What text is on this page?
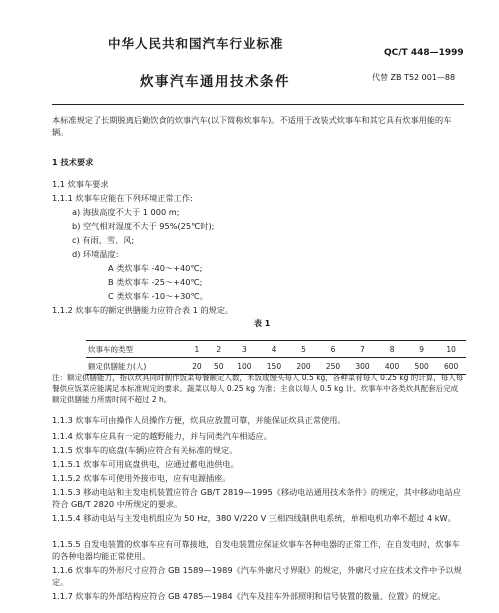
中华人民共和国汽车行业标准
QC/T 448—1999
炊事汽车通用技术条件	代替 ZB T52 001—88
本标准规定了长期脱离后勤饮食的炊事汽车(以下简称炊事车)。不适用于改装式炊事车和其它具有炊事用能的车辆。
1 技术要求
1.1 炊事车要求
1.1.1 炊事车应能在下列环境正常工作:
a) 海拔高度不大于 1 000 m;
b) 空气相对湿度不大于 95%(25℃时);
c) 有雨、雪、风;
d) 环境温度:
A 类炊事车 -40～+40℃;
B 类炊事车 -25～+40℃;
C 类炊事车 -10～+30℃。
1.1.2 炊事车的额定供膳能力应符合表 1 的规定。
表 1
炊事车的类型	1	2	3	4	5	6	7	8	9	10
额定供膳能力(人)	20	50	100	150	200	250	300	400	500	600
注：额定供膳能力，指以炊具同时制作饭菜每餐额定人数，米饭或馒头每人 0.5 kg，各种菜肴每人 0.25 kg 的计算，每人每餐供应饭菜应能满足本标准规定的要求。蔬菜以每人 0.25 kg 为准；主食以每人 0.5 kg 计。炊事车中各类炊具配套后完成额定供膳能力所需时间不超过 2 h。
1.1.3 炊事车可由操作人员操作方便，炊具应放置可靠，并能保证炊具正常使用。
1.1.4 炊事车应具有一定的越野能力，并与同类汽车相适应。
1.1.5 炊事车的底盘(车辆)应符合有关标准的规定。
1.1.5.1 炊事车可用底盘供电，应通过蓄电池供电。
1.1.5.2 炊事车可使用外接市电，应有电源插座。
1.1.5.3 移动电站和主发电机装置应符合 GB/T 2819—1995《移动电站通用技术条件》的规定，其中移动电站应符合 GB/T 2820 中所规定的要求。
1.1.5.4 移动电站与主发电机组应为 50 Hz，380 V/220 V 三相四线制供电系统，单相电机功率不超过 4 kW。
1.1.5.5 自发电装置的炊事车应有可靠接地，自发电装置应保证炊事车各种电器的正常工作，在自发电时，炊事车的各种电器均能正常使用。
1.1.6 炊事车的外形尺寸应符合 GB 1589—1989《汽车外廓尺寸界限》的规定，外廓尺寸应在技术文件中予以规定。
1.1.7 炊事车的外部结构应符合 GB 4785—1984《汽车及挂车外部照明和信号装置的数量、位置》的规定。
